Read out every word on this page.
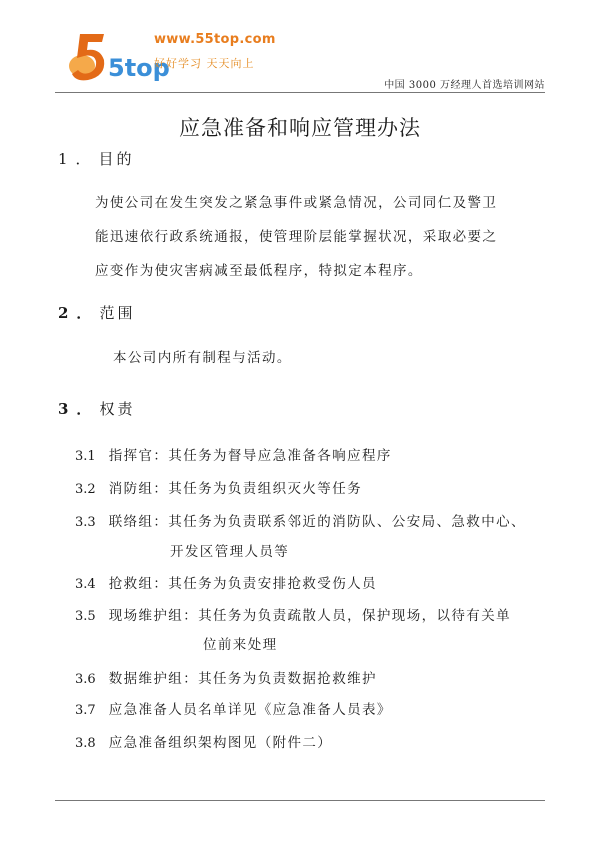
5top
www.55top.com
好好学习 天天向上
中国 3000 万经理人首选培训网站
应急准备和响应管理办法
1．目的
为使公司在发生突发之紧急事件或紧急情况，公司同仁及警卫
能迅速依行政系统通报，使管理阶层能掌握状况，采取必要之
应变作为使灾害病减至最低程序，特拟定本程序。
2．范围
本公司内所有制程与活动。
3．权责
3.1 指挥官：其任务为督导应急准备各响应程序
3.2 消防组：其任务为负责组织灭火等任务
3.3 联络组：其任务为负责联系邻近的消防队、公安局、急救中心、
开发区管理人员等
3.4 抢救组：其任务为负责安排抢救受伤人员
3.5 现场维护组：其任务为负责疏散人员，保护现场，以待有关单
位前来处理
3.6 数据维护组：其任务为负责数据抢救维护
3.7 应急准备人员名单详见《应急准备人员表》
3.8 应急准备组织架构图见（附件二）
